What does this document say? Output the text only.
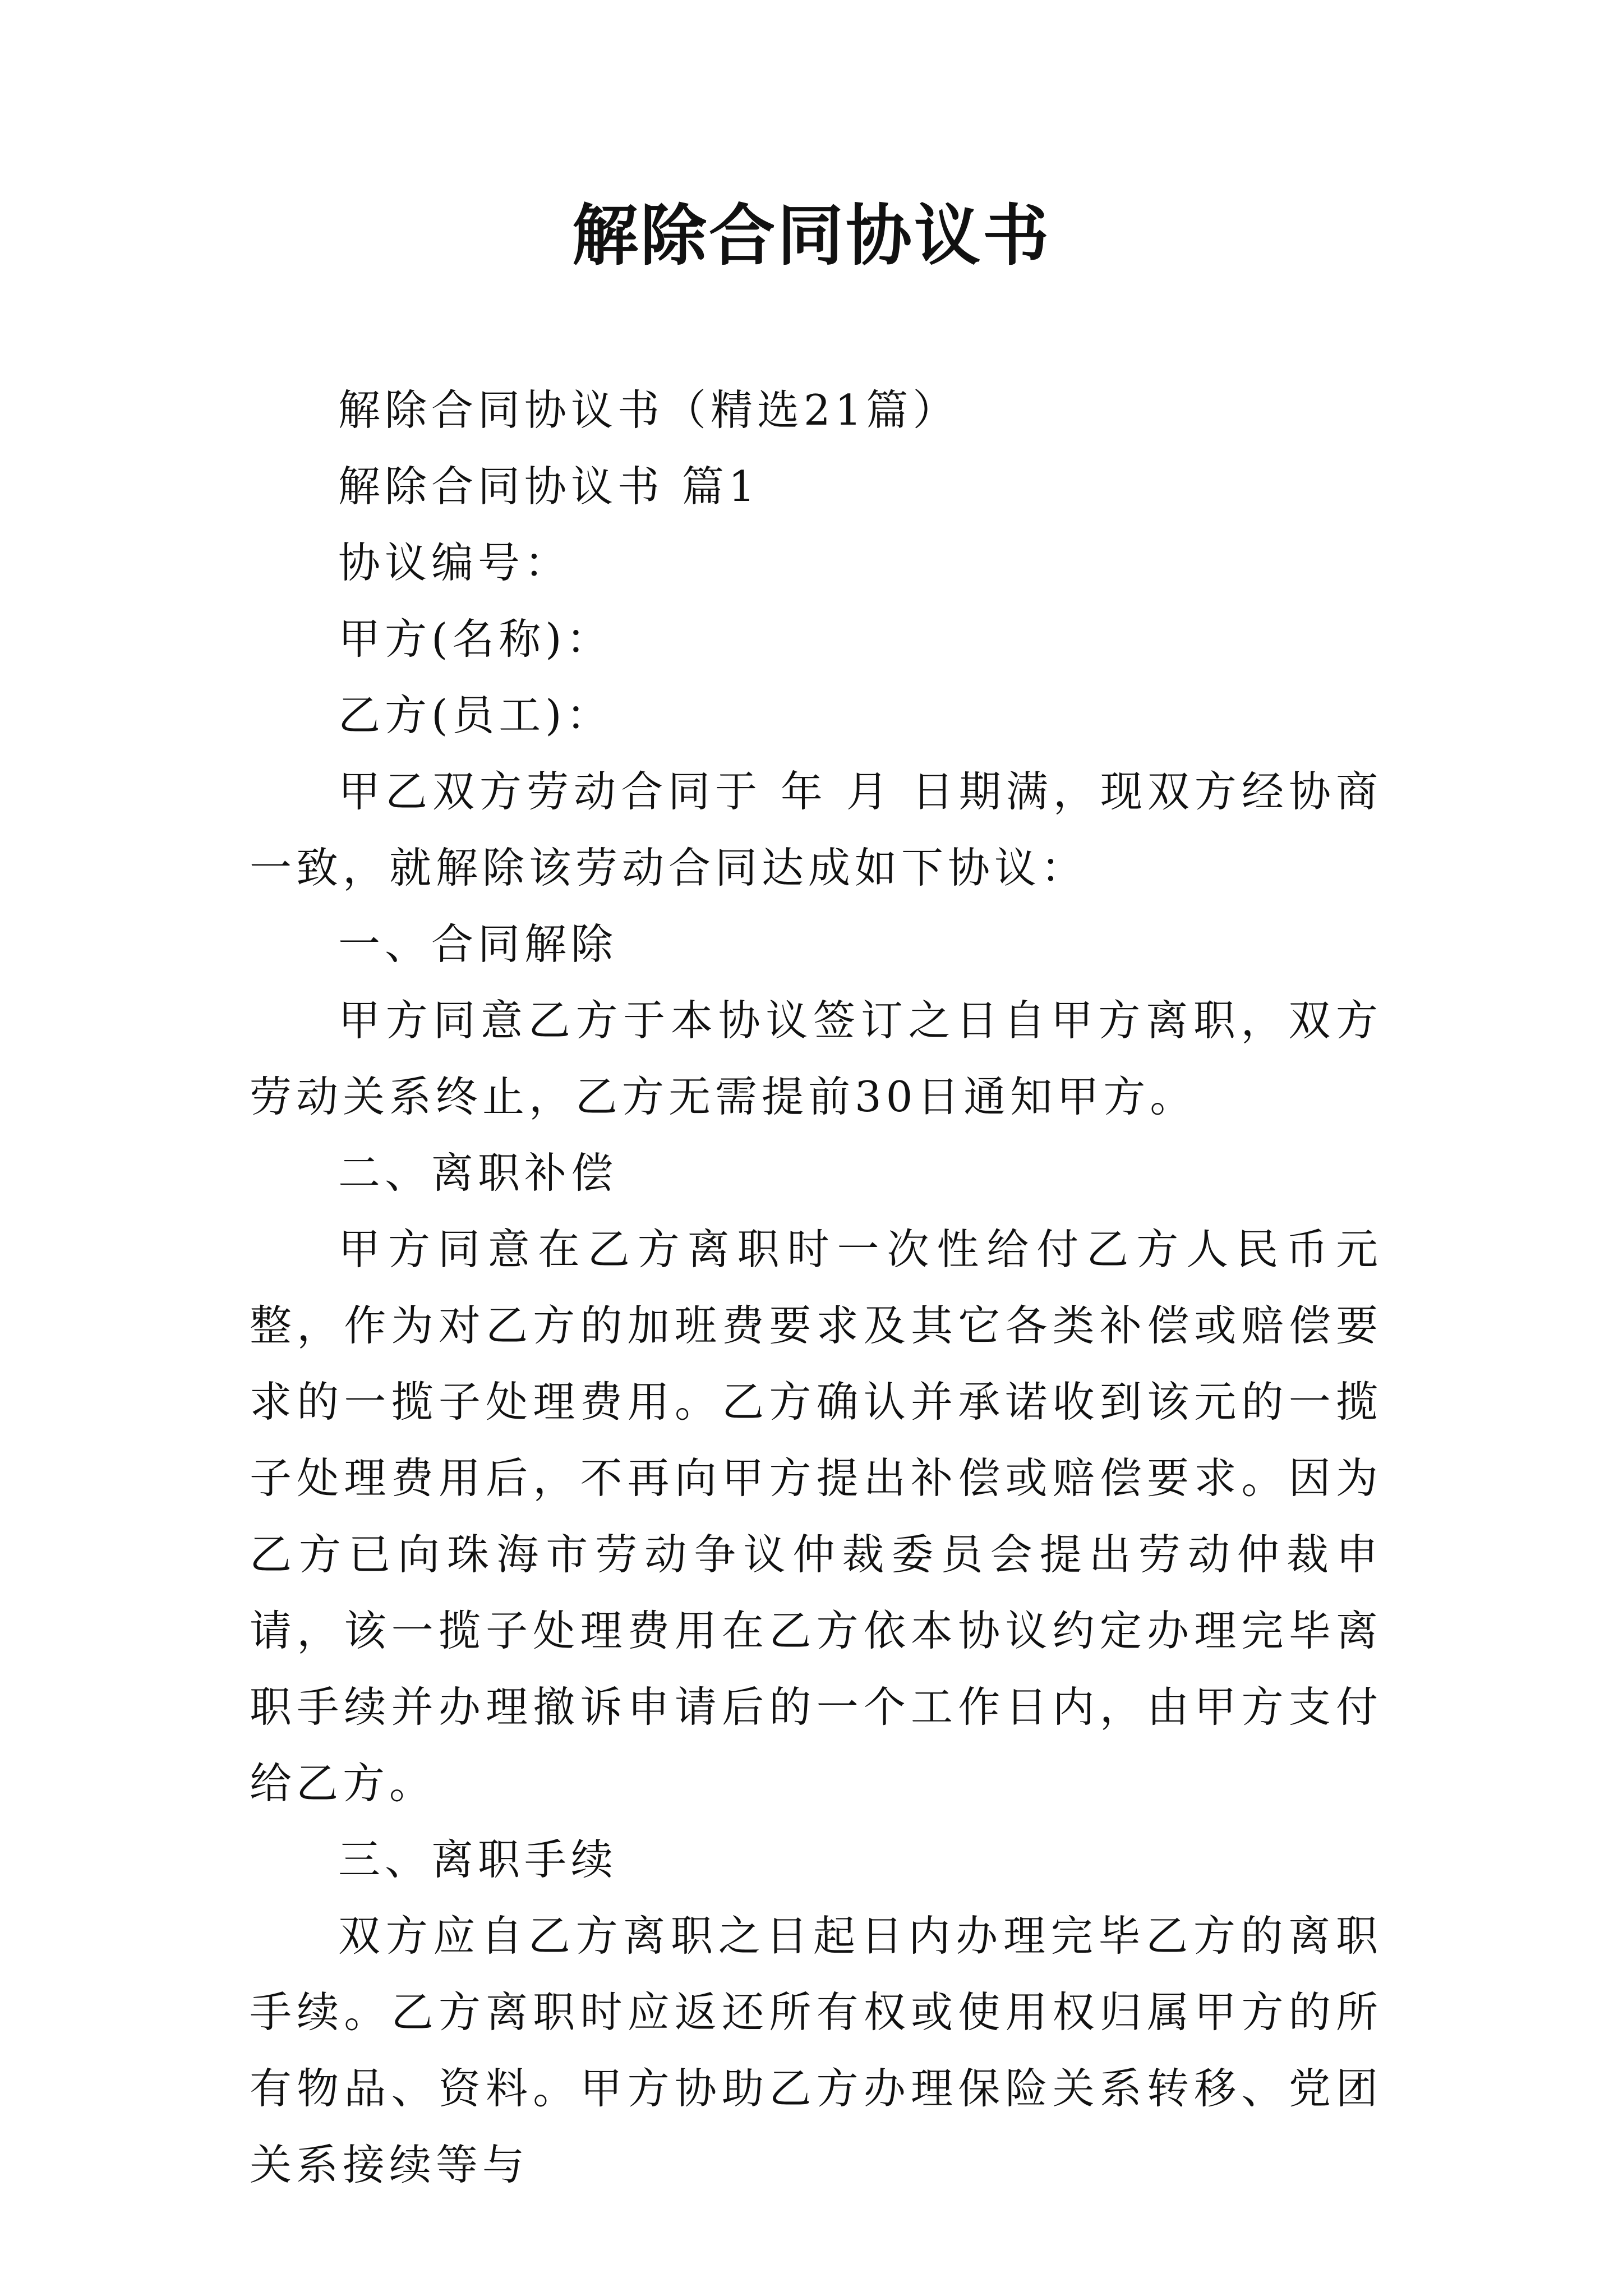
解除合同协议书

解除合同协议书（精选21篇）

解除合同协议书 篇1

协议编号：

甲方(名称)：

乙方(员工)：

甲乙双方劳动合同于 年 月 日期满，现双方经协商一致，就解除该劳动合同达成如下协议：

一、合同解除

甲方同意乙方于本协议签订之日自甲方离职，双方劳动关系终止，乙方无需提前30日通知甲方。

二、离职补偿

甲方同意在乙方离职时一次性给付乙方人民币元整，作为对乙方的加班费要求及其它各类补偿或赔偿要求的一揽子处理费用。乙方确认并承诺收到该元的一揽子处理费用后，不再向甲方提出补偿或赔偿要求。因为乙方已向珠海市劳动争议仲裁委员会提出劳动仲裁申请，该一揽子处理费用在乙方依本协议约定办理完毕离职手续并办理撤诉申请后的一个工作日内，由甲方支付给乙方。

三、离职手续

双方应自乙方离职之日起日内办理完毕乙方的离职手续。乙方离职时应返还所有权或使用权归属甲方的所有物品、资料。甲方协助乙方办理保险关系转移、党团关系接续等与
